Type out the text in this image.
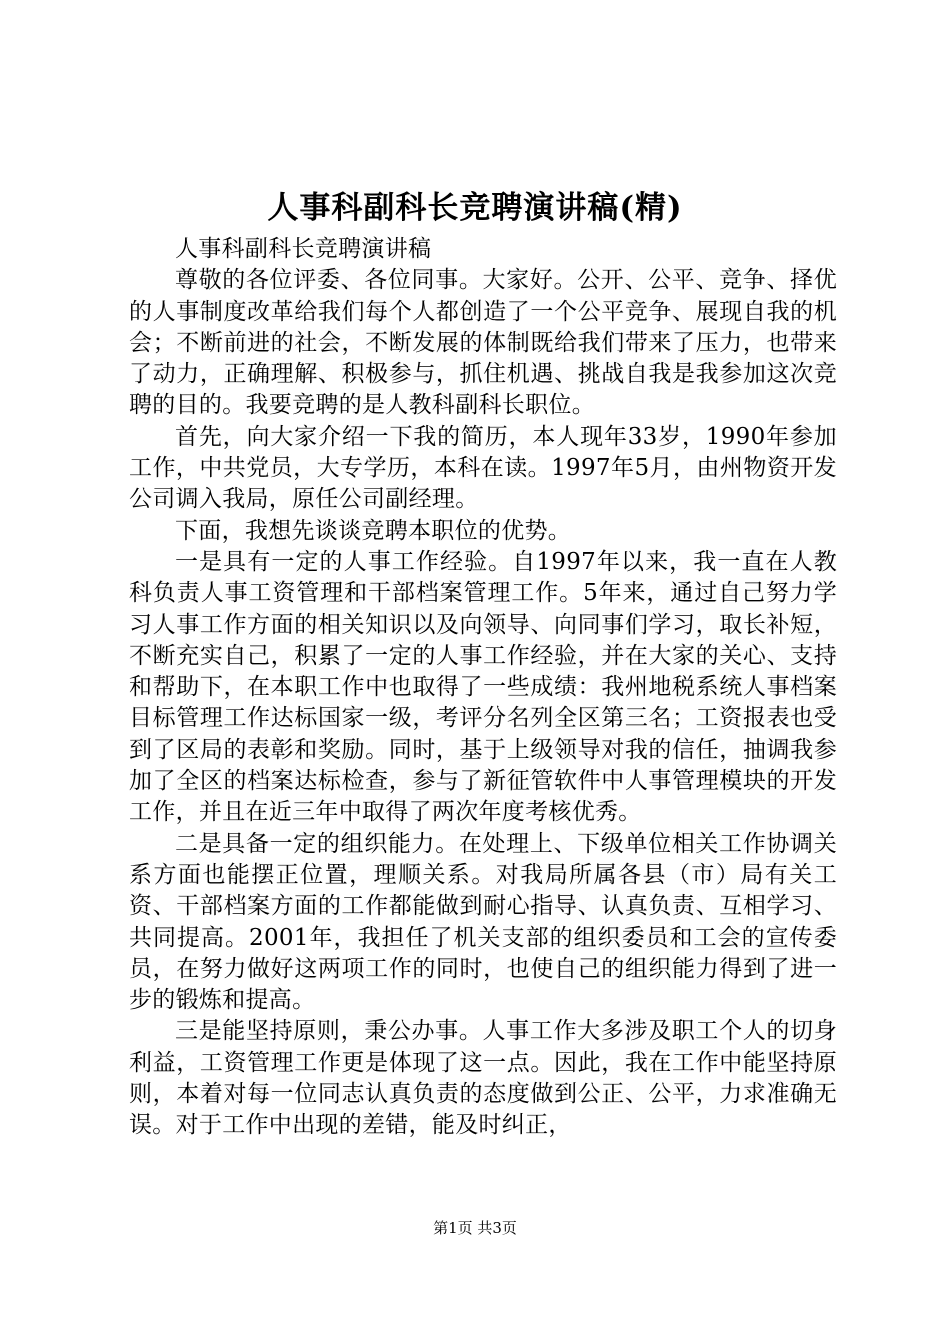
人事科副科长竞聘演讲稿(精)

人事科副科长竞聘演讲稿

尊敬的各位评委、各位同事。大家好。公开、公平、竞争、择优的人事制度改革给我们每个人都创造了一个公平竞争、展现自我的机会；不断前进的社会，不断发展的体制既给我们带来了压力，也带来了动力，正确理解、积极参与，抓住机遇、挑战自我是我参加这次竞聘的目的。我要竞聘的是人教科副科长职位。

首先，向大家介绍一下我的简历，本人现年33岁，1990年参加工作，中共党员，大专学历，本科在读。1997年5月，由州物资开发公司调入我局，原任公司副经理。

下面，我想先谈谈竞聘本职位的优势。

一是具有一定的人事工作经验。自1997年以来，我一直在人教科负责人事工资管理和干部档案管理工作。5年来，通过自己努力学习人事工作方面的相关知识以及向领导、向同事们学习，取长补短，不断充实自己，积累了一定的人事工作经验，并在大家的关心、支持和帮助下，在本职工作中也取得了一些成绩：我州地税系统人事档案目标管理工作达标国家一级，考评分名列全区第三名；工资报表也受到了区局的表彰和奖励。同时，基于上级领导对我的信任，抽调我参加了全区的档案达标检查，参与了新征管软件中人事管理模块的开发工作，并且在近三年中取得了两次年度考核优秀。

二是具备一定的组织能力。在处理上、下级单位相关工作协调关系方面也能摆正位置，理顺关系。对我局所属各县（市）局有关工资、干部档案方面的工作都能做到耐心指导、认真负责、互相学习、共同提高。2001年，我担任了机关支部的组织委员和工会的宣传委员，在努力做好这两项工作的同时，也使自己的组织能力得到了进一步的锻炼和提高。

三是能坚持原则，秉公办事。人事工作大多涉及职工个人的切身利益，工资管理工作更是体现了这一点。因此，我在工作中能坚持原则，本着对每一位同志认真负责的态度做到公正、公平，力求准确无误。对于工作中出现的差错，能及时纠正，

第1页 共3页
